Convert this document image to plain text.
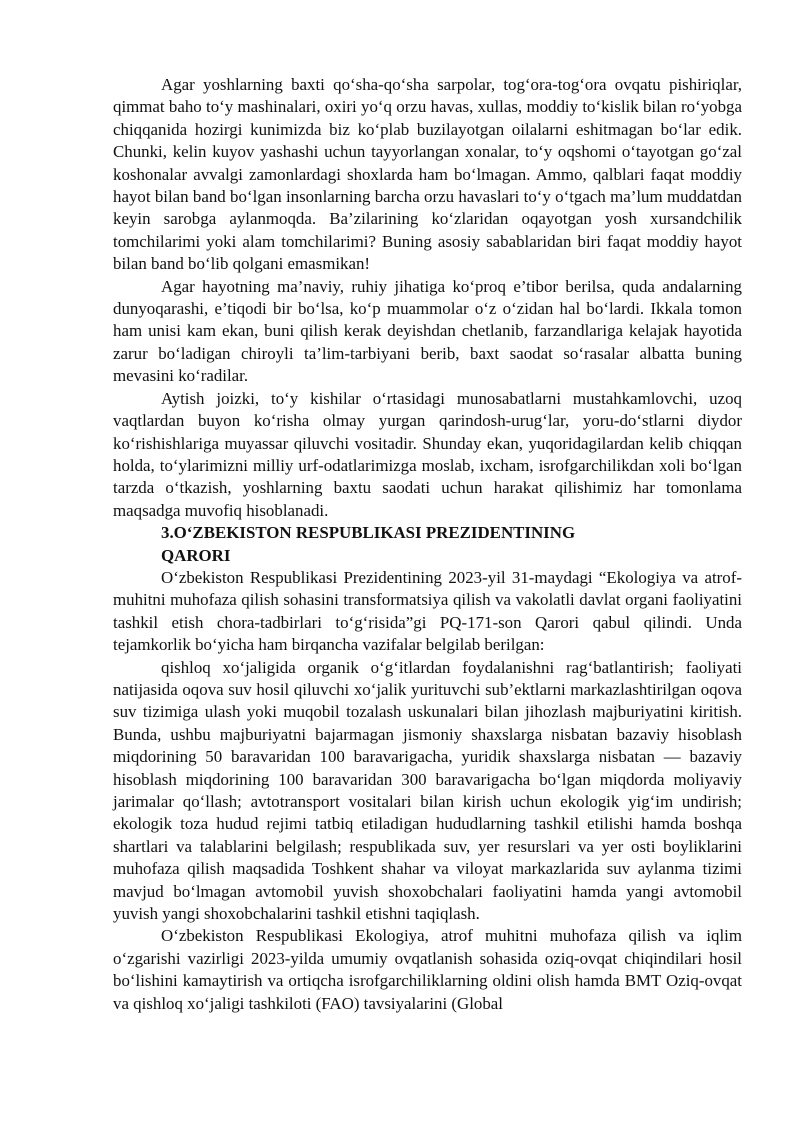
Agar yoshlarning baxti qo‘sha-qo‘sha sarpolar, tog‘ora-tog‘ora ovqatu pishiriqlar, qimmat baho to‘y mashinalari, oxiri yo‘q orzu havas, xullas, moddiy to‘kislik bilan ro‘yobga chiqqanida hozirgi kunimizda biz ko‘plab buzilayotgan oilalarni eshitmagan bo‘lar edik. Chunki, kelin kuyov yashashi uchun tayyorlangan xonalar, to‘y oqshomi o‘tayotgan go‘zal koshonalar avvalgi zamonlardagi shoxlarda ham bo‘lmagan. Ammo, qalblari faqat moddiy hayot bilan band bo‘lgan insonlarning barcha orzu havaslari to‘y o‘tgach ma’lum muddatdan keyin sarobga aylanmoqda. Ba’zilarining ko‘zlaridan oqayotgan yosh xursandchilik tomchilarimi yoki alam tomchilarimi? Buning asosiy sabablaridan biri faqat moddiy hayot bilan band bo‘lib qolgani emasmikan!

Agar hayotning ma’naviy, ruhiy jihatiga ko‘proq e’tibor berilsa, quda andalarning dunyoqarashi, e’tiqodi bir bo‘lsa, ko‘p muammolar o‘z o‘zidan hal bo‘lardi. Ikkala tomon ham unisi kam ekan, buni qilish kerak deyishdan chetlanib, farzandlariga kelajak hayotida zarur bo‘ladigan chiroyli ta’lim-tarbiyani berib, baxt saodat so‘rasalar albatta buning mevasini ko‘radilar.

Aytish joizki, to‘y kishilar o‘rtasidagi munosabatlarni mustahkamlovchi, uzoq vaqtlardan buyon ko‘risha olmay yurgan qarindosh-urug‘lar, yoru-do‘stlarni diydor ko‘rishishlariga muyassar qiluvchi vositadir. Shunday ekan, yuqoridagilardan kelib chiqqan holda, to‘ylarimizni milliy urf-odatlarimizga moslab, ixcham, isrofgarchilikdan xoli bo‘lgan tarzda o‘tkazish, yoshlarning baxtu saodati uchun harakat qilishimiz har tomonlama maqsadga muvofiq hisoblanadi.

3.O‘ZBEKISTON RESPUBLIKASI PREZIDENTINING
QARORI

O‘zbekiston Respublikasi Prezidentining 2023-yil 31-maydagi “Ekologiya va atrof-muhitni muhofaza qilish sohasini transformatsiya qilish va vakolatli davlat organi faoliyatini tashkil etish chora-tadbirlari to‘g‘risida”gi PQ-171-son Qarori qabul qilindi. Unda tejamkorlik bo‘yicha ham birqancha vazifalar belgilab berilgan:

qishloq xo‘jaligida organik o‘g‘itlardan foydalanishni rag‘batlantirish; faoliyati natijasida oqova suv hosil qiluvchi xo‘jalik yurituvchi sub’ektlarni markazlashtirilgan oqova suv tizimiga ulash yoki muqobil tozalash uskunalari bilan jihozlash majburiyatini kiritish. Bunda, ushbu majburiyatni bajarmagan jismoniy shaxslarga nisbatan bazaviy hisoblash miqdorining 50 baravaridan 100 baravarigacha, yuridik shaxslarga nisbatan — bazaviy hisoblash miqdorining 100 baravaridan 300 baravarigacha bo‘lgan miqdorda moliyaviy jarimalar qo‘llash; avtotransport vositalari bilan kirish uchun ekologik yig‘im undirish; ekologik toza hudud rejimi tatbiq etiladigan hududlarning tashkil etilishi hamda boshqa shartlari va talablarini belgilash; respublikada suv, yer resurslari va yer osti boyliklarini muhofaza qilish maqsadida Toshkent shahar va viloyat markazlarida suv aylanma tizimi mavjud bo‘lmagan avtomobil yuvish shoxobchalari faoliyatini hamda yangi avtomobil yuvish yangi shoxobchalarini tashkil etishni taqiqlash.

O‘zbekiston Respublikasi Ekologiya, atrof muhitni muhofaza qilish va iqlim o‘zgarishi vazirligi 2023-yilda umumiy ovqatlanish sohasida oziq-ovqat chiqindilari hosil bo‘lishini kamaytirish va ortiqcha isrofgarchiliklarning oldini olish hamda BMT Oziq-ovqat va qishloq xo‘jaligi tashkiloti (FAO) tavsiyalarini (Global
